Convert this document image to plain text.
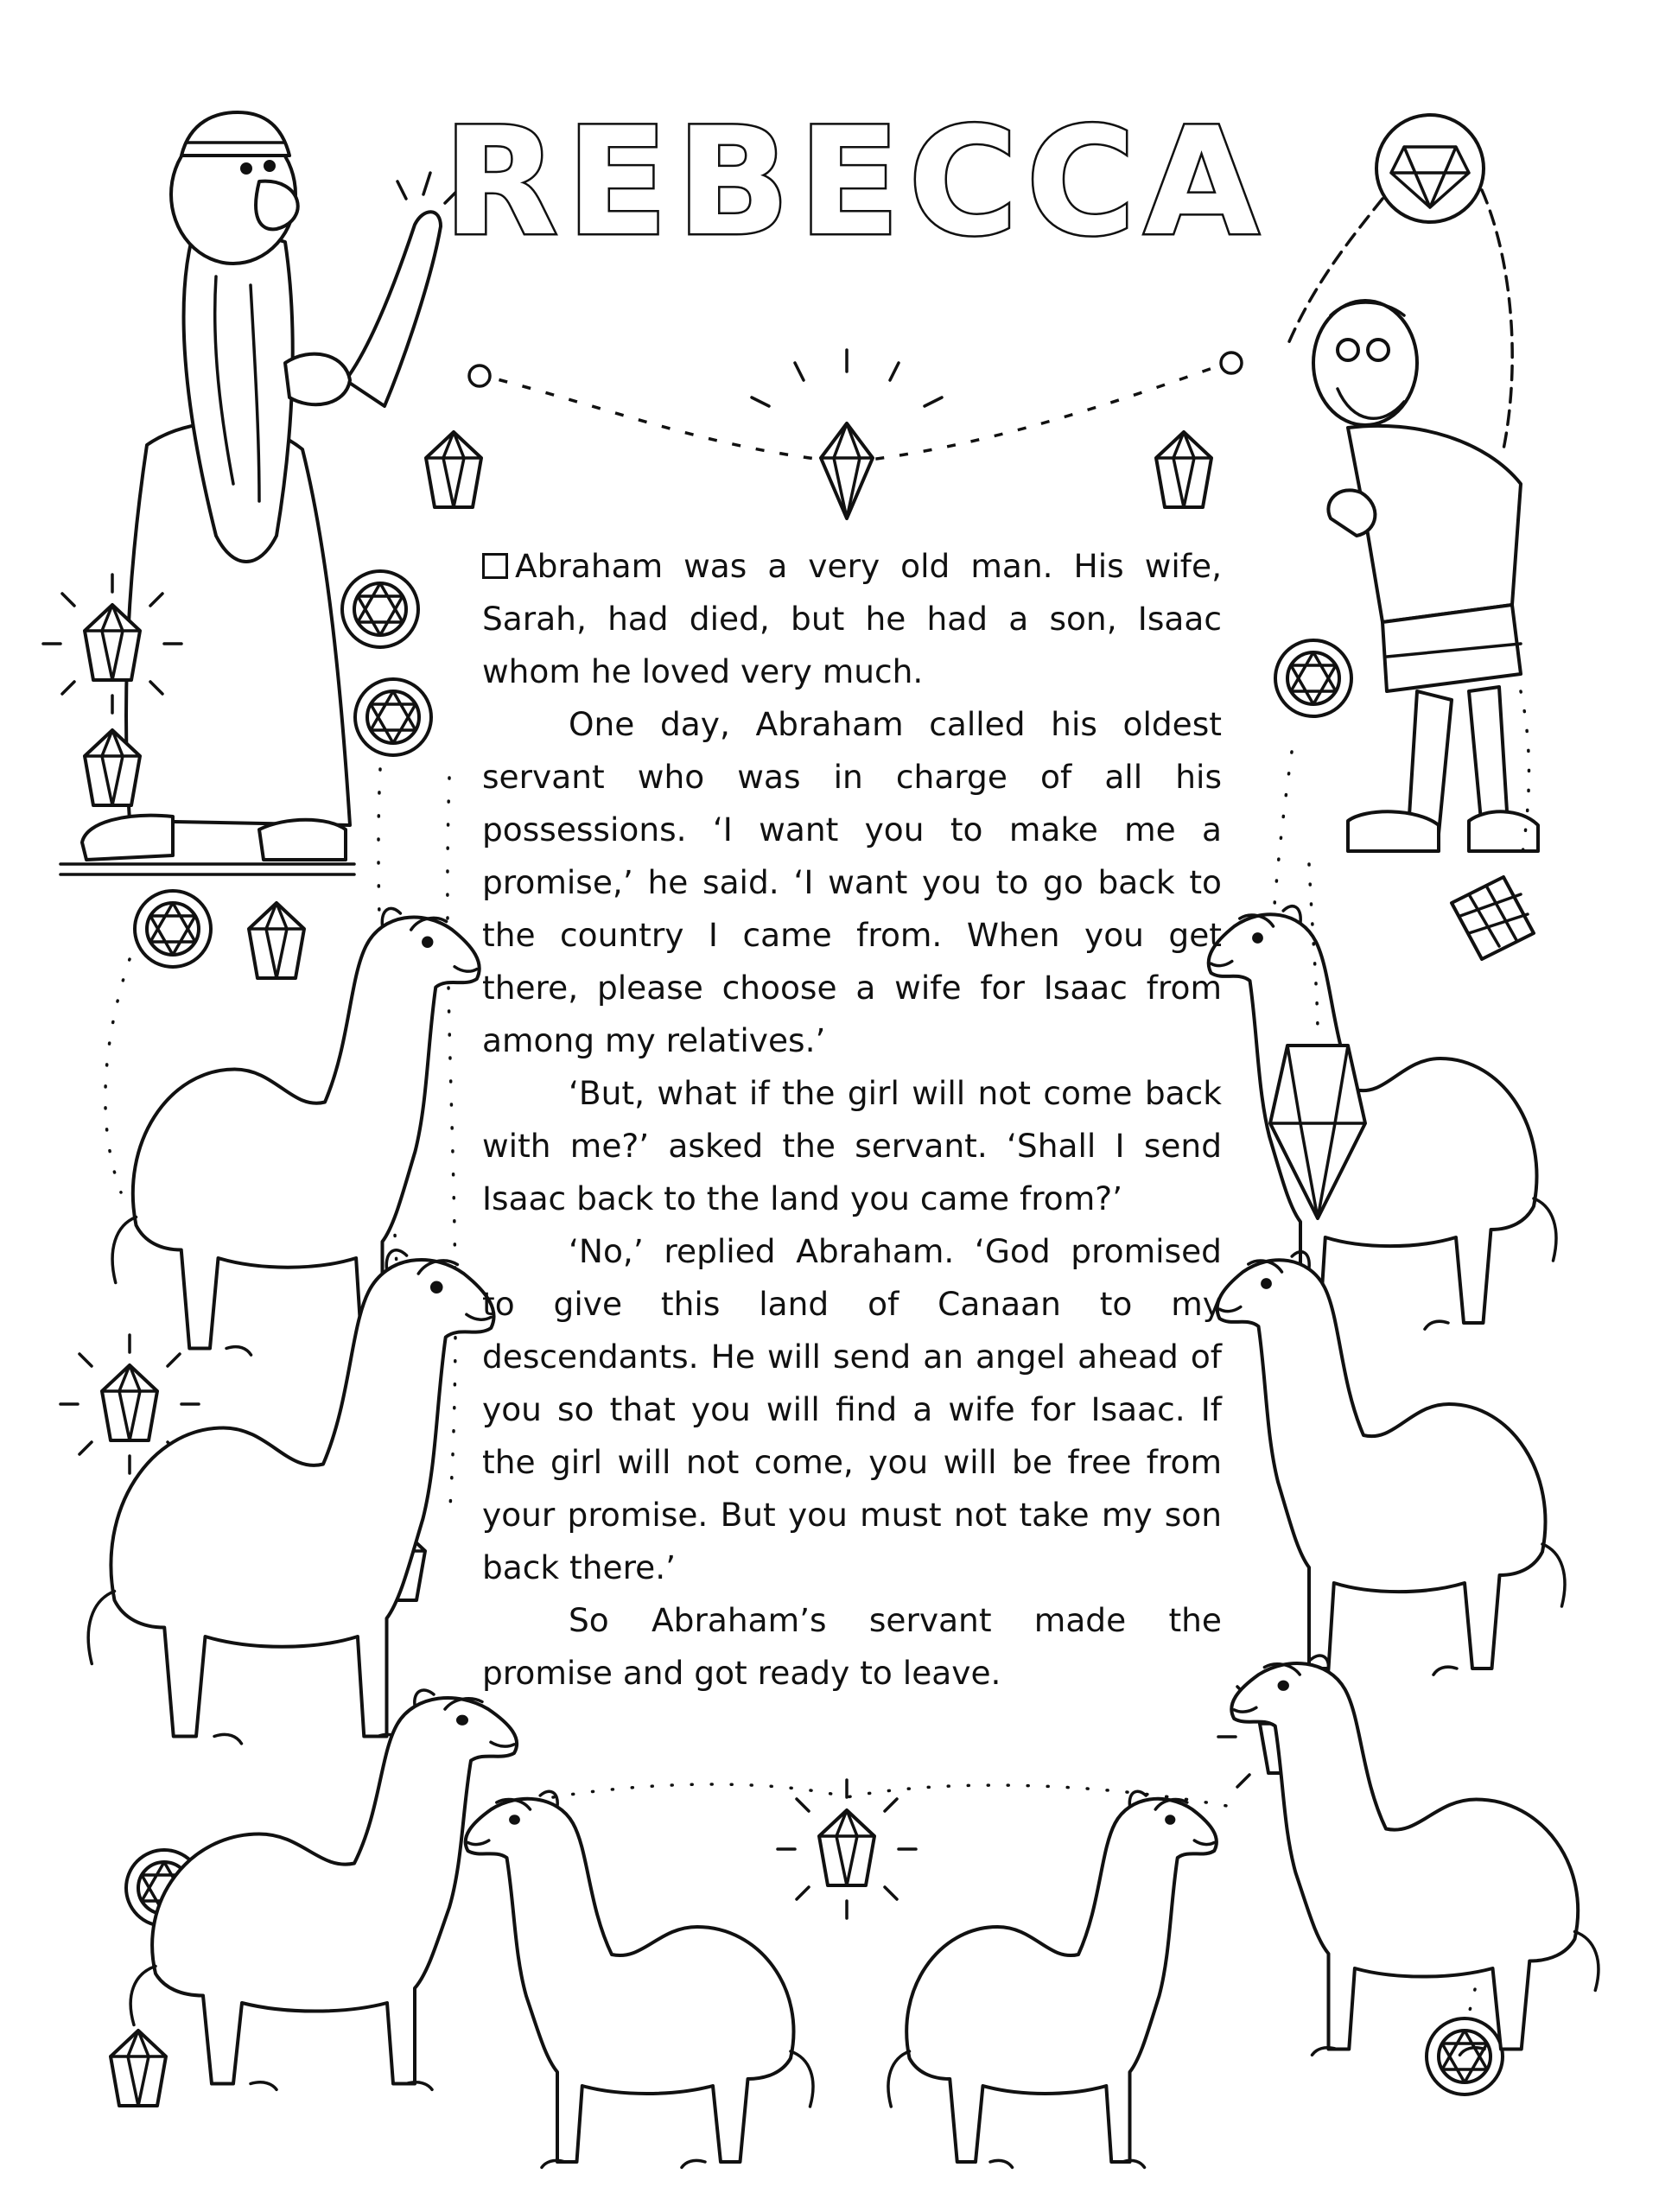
REBECCA

Abraham was a very old man. His wife, Sarah, had died, but he had a son, Isaac whom he loved very much.

One day, Abraham called his oldest servant who was in charge of all his possessions. ‘I want you to make me a promise,’ he said. ‘I want you to go back to the country I came from. When you get there, please choose a wife for Isaac from among my relatives.’

‘But, what if the girl will not come back with me?’ asked the servant. ‘Shall I send Isaac back to the land you came from?’

‘No,’ replied Abraham. ‘God promised to give this land of Canaan to my descendants. He will send an angel ahead of you so that you will find a wife for Isaac. If the girl will not come, you will be free from your promise. But you must not take my son back there.’

So Abraham’s servant made the promise and got ready to leave.
